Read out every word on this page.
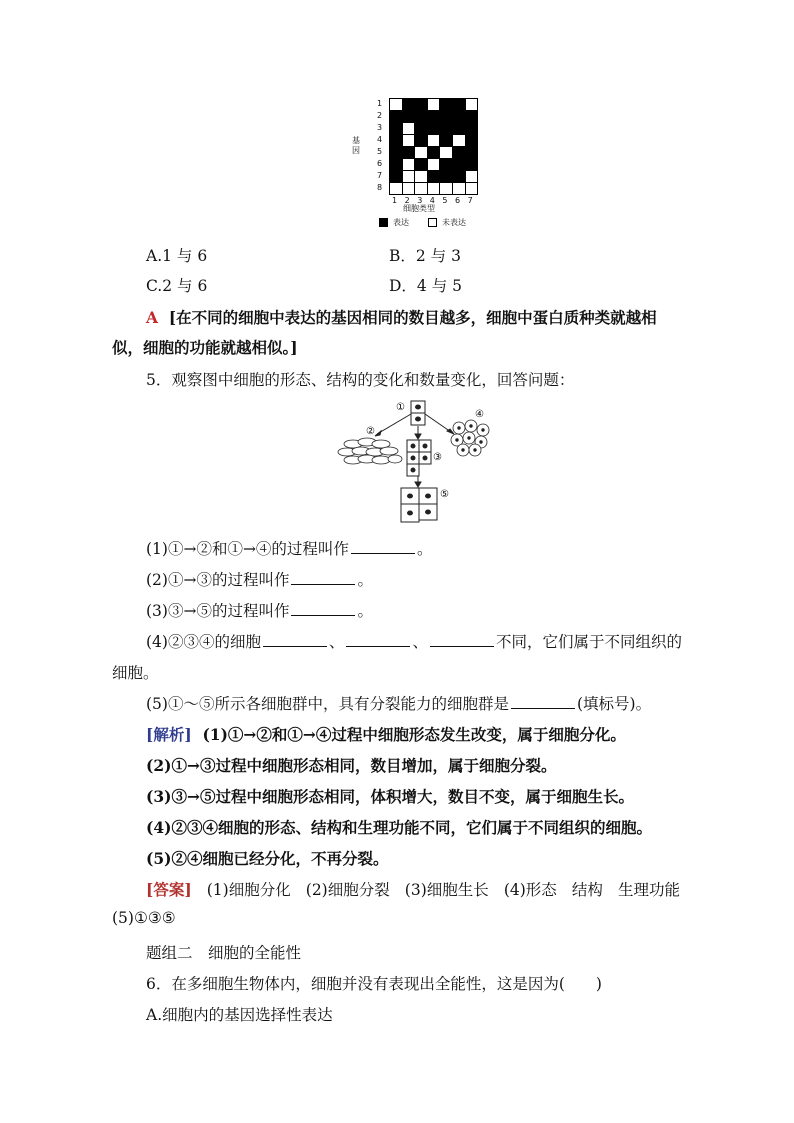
基因
1
2
3
4
5
6
7
8
1 2 3 4 5 6 7
细胞类型
表达	未表达
A.1 与 6	B．2 与 3
C.2 与 6	D．4 与 5
A [在不同的细胞中表达的基因相同的数目越多，细胞中蛋白质种类就越相
似，细胞的功能就越相似。]
5．观察图中细胞的形态、结构的变化和数量变化，回答问题：
①
②
③
④
⑤
(1)①→②和①→④的过程叫作	。
(2)①→③的过程叫作	。
(3)③→⑤的过程叫作	。
(4)②③④的细胞	、	、	不同，它们属于不同组织的
细胞。
(5)①～⑤所示各细胞群中，具有分裂能力的细胞群是	(填标号)。
[解析] (1)①→②和①→④过程中细胞形态发生改变，属于细胞分化。
(2)①→③过程中细胞形态相同，数目增加，属于细胞分裂。
(3)③→⑤过程中细胞形态相同，体积增大，数目不变，属于细胞生长。
(4)②③④细胞的形态、结构和生理功能不同，它们属于不同组织的细胞。
(5)②④细胞已经分化，不再分裂。
[答案] (1)细胞分化 (2)细胞分裂 (3)细胞生长 (4)形态 结构 生理功能
(5)①③⑤
题组二　细胞的全能性
6．在多细胞生物体内，细胞并没有表现出全能性，这是因为(　　)
A.细胞内的基因选择性表达
